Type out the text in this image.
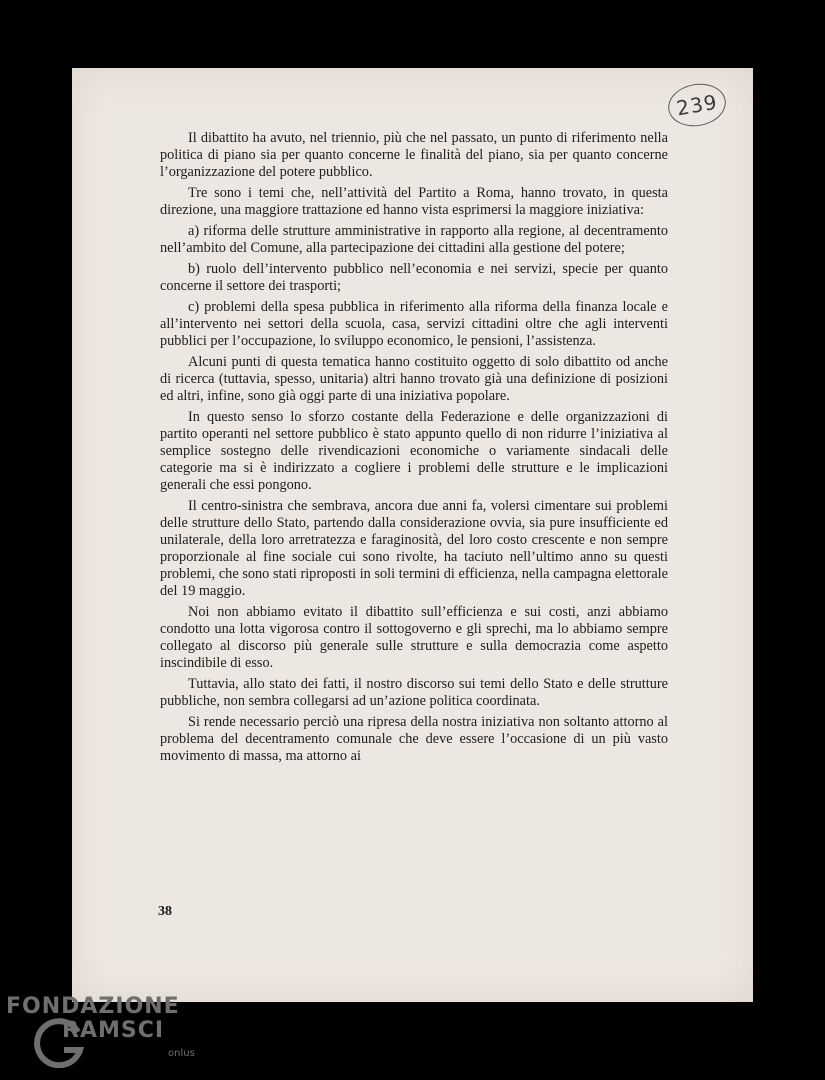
239

Il dibattito ha avuto, nel triennio, più che nel passato, un punto di riferimento nella politica di piano sia per quanto concerne le finalità del piano, sia per quanto concerne l’organizzazione del potere pubblico.

Tre sono i temi che, nell’attività del Partito a Roma, hanno trovato, in questa direzione, una maggiore trattazione ed hanno vista esprimersi la maggiore iniziativa:

a) riforma delle strutture amministrative in rapporto alla regione, al decentramento nell’ambito del Comune, alla partecipazione dei cittadini alla gestione del potere;

b) ruolo dell’intervento pubblico nell’economia e nei servizi, specie per quanto concerne il settore dei trasporti;

c) problemi della spesa pubblica in riferimento alla riforma della finanza locale e all’intervento nei settori della scuola, casa, servizi cittadini oltre che agli interventi pubblici per l’occupazione, lo sviluppo economico, le pensioni, l’assistenza.

Alcuni punti di questa tematica hanno costituito oggetto di solo dibattito od anche di ricerca (tuttavia, spesso, unitaria) altri hanno trovato già una definizione di posizioni ed altri, infine, sono già oggi parte di una iniziativa popolare.

In questo senso lo sforzo costante della Federazione e delle organizzazioni di partito operanti nel settore pubblico è stato appunto quello di non ridurre l’iniziativa al semplice sostegno delle rivendicazioni economiche o variamente sindacali delle categorie ma si è indirizzato a cogliere i problemi delle strutture e le implicazioni generali che essi pongono.

Il centro-sinistra che sembrava, ancora due anni fa, volersi cimentare sui problemi delle strutture dello Stato, partendo dalla considerazione ovvia, sia pure insufficiente ed unilaterale, della loro arretratezza e faraginosità, del loro costo crescente e non sempre proporzionale al fine sociale cui sono rivolte, ha taciuto nell’ultimo anno su questi problemi, che sono stati riproposti in soli termini di efficienza, nella campagna elettorale del 19 maggio.

Noi non abbiamo evitato il dibattito sull’efficienza e sui costi, anzi abbiamo condotto una lotta vigorosa contro il sottogoverno e gli sprechi, ma lo abbiamo sempre collegato al discorso più generale sulle strutture e sulla democrazia come aspetto inscindibile di esso.

Tuttavia, allo stato dei fatti, il nostro discorso sui temi dello Stato e delle strutture pubbliche, non sembra collegarsi ad un’azione politica coordinata.

Si rende necessario perciò una ripresa della nostra iniziativa non soltanto attorno al problema del decentramento comunale che deve essere l’occasione di un più vasto movimento di massa, ma attorno ai

38
FONDAZIONE
RAMSCI
onlus
